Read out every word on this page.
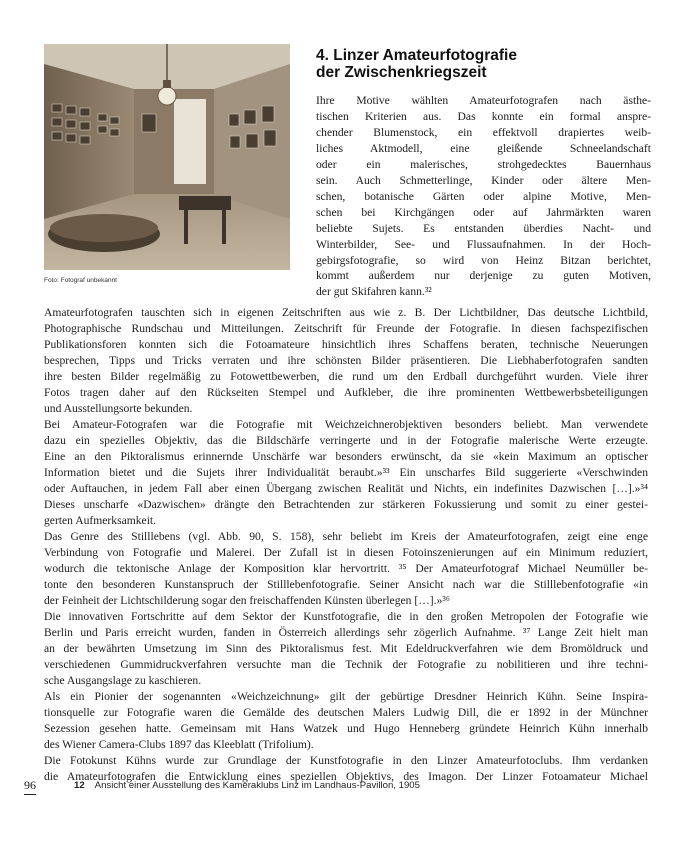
Foto: Fotograf unbekannt

4. Linzer Amateurfotografie
der Zwischenkriegszeit

Ihre Motive wählten Amateurfotografen nach ästhe-
tischen Kriterien aus. Das konnte ein formal anspre-
chender Blumenstock, ein effektvoll drapiertes weib-
liches Aktmodell, eine gleißende Schneelandschaft
oder ein malerisches, strohgedecktes Bauernhaus
sein. Auch Schmetterlinge, Kinder oder ältere Men-
schen, botanische Gärten oder alpine Motive, Men-
schen bei Kirchgängen oder auf Jahrmärkten waren
beliebte Sujets. Es entstanden überdies Nacht- und
Winterbilder, See- und Flussaufnahmen. In der Hoch-
gebirgsfotografie, so wird von Heinz Bitzan berichtet,
kommt außerdem nur derjenige zu guten Motiven,
der gut Skifahren kann.³²

Amateurfotografen tauschten sich in eigenen Zeitschriften aus wie z. B. Der Lichtbildner, Das deutsche Lichtbild,
Photographische Rundschau und Mitteilungen. Zeitschrift für Freunde der Fotografie. In diesen fachspezifischen
Publikationsforen konnten sich die Fotoamateure hinsichtlich ihres Schaffens beraten, technische Neuerungen
besprechen, Tipps und Tricks verraten und ihre schönsten Bilder präsentieren. Die Liebhaberfotografen sandten
ihre besten Bilder regelmäßig zu Fotowettbewerben, die rund um den Erdball durchgeführt wurden. Viele ihrer
Fotos tragen daher auf den Rückseiten Stempel und Aufkleber, die ihre prominenten Wettbewerbsbeteiligungen
und Ausstellungsorte bekunden.
Bei Amateur-Fotografen war die Fotografie mit Weichzeichnerobjektiven besonders beliebt. Man verwendete
dazu ein spezielles Objektiv, das die Bildschärfe verringerte und in der Fotografie malerische Werte erzeugte.
Eine an den Piktoralismus erinnernde Unschärfe war besonders erwünscht, da sie «kein Maximum an optischer
Information bietet und die Sujets ihrer Individualität beraubt.»³³ Ein unscharfes Bild suggerierte «Verschwinden
oder Auftauchen, in jedem Fall aber einen Übergang zwischen Realität und Nichts, ein indefinites Dazwischen […].»³⁴
Dieses unscharfe «Dazwischen» drängte den Betrachtenden zur stärkeren Fokussierung und somit zu einer gestei-
gerten Aufmerksamkeit.
Das Genre des Stilllebens (vgl. Abb. 90, S. 158), sehr beliebt im Kreis der Amateurfotografen, zeigt eine enge
Verbindung von Fotografie und Malerei. Der Zufall ist in diesen Fotoinszenierungen auf ein Minimum reduziert,
wodurch die tektonische Anlage der Komposition klar hervortritt. ³⁵ Der Amateurfotograf Michael Neumüller be-
tonte den besonderen Kunstanspruch der Stilllebenfotografie. Seiner Ansicht nach war die Stilllebenfotografie «in
der Feinheit der Lichtschilderung sogar den freischaffenden Künsten überlegen […].»³⁶
Die innovativen Fortschritte auf dem Sektor der Kunstfotografie, die in den großen Metropolen der Fotografie wie
Berlin und Paris erreicht wurden, fanden in Österreich allerdings sehr zögerlich Aufnahme. ³⁷ Lange Zeit hielt man
an der bewährten Umsetzung im Sinn des Piktoralismus fest. Mit Edeldruckverfahren wie dem Bromöldruck und
verschiedenen Gummidruckverfahren versuchte man die Technik der Fotografie zu nobilitieren und ihre techni-
sche Ausgangslage zu kaschieren.
Als ein Pionier der sogenannten «Weichzeichnung» gilt der gebürtige Dresdner Heinrich Kühn. Seine Inspira-
tionsquelle zur Fotografie waren die Gemälde des deutschen Malers Ludwig Dill, die er 1892 in der Münchner
Sezession gesehen hatte. Gemeinsam mit Hans Watzek und Hugo Henneberg gründete Heinrich Kühn innerhalb
des Wiener Camera-Clubs 1897 das Kleeblatt (Trifolium).
Die Fotokunst Kühns wurde zur Grundlage der Kunstfotografie in den Linzer Amateurfotoclubs. Ihm verdanken
die Amateurfotografen die Entwicklung eines speziellen Objektivs, des Imagon. Der Linzer Fotoamateur Michael

96	12 Ansicht einer Ausstellung des Kameraklubs Linz im Landhaus-Pavillon, 1905
